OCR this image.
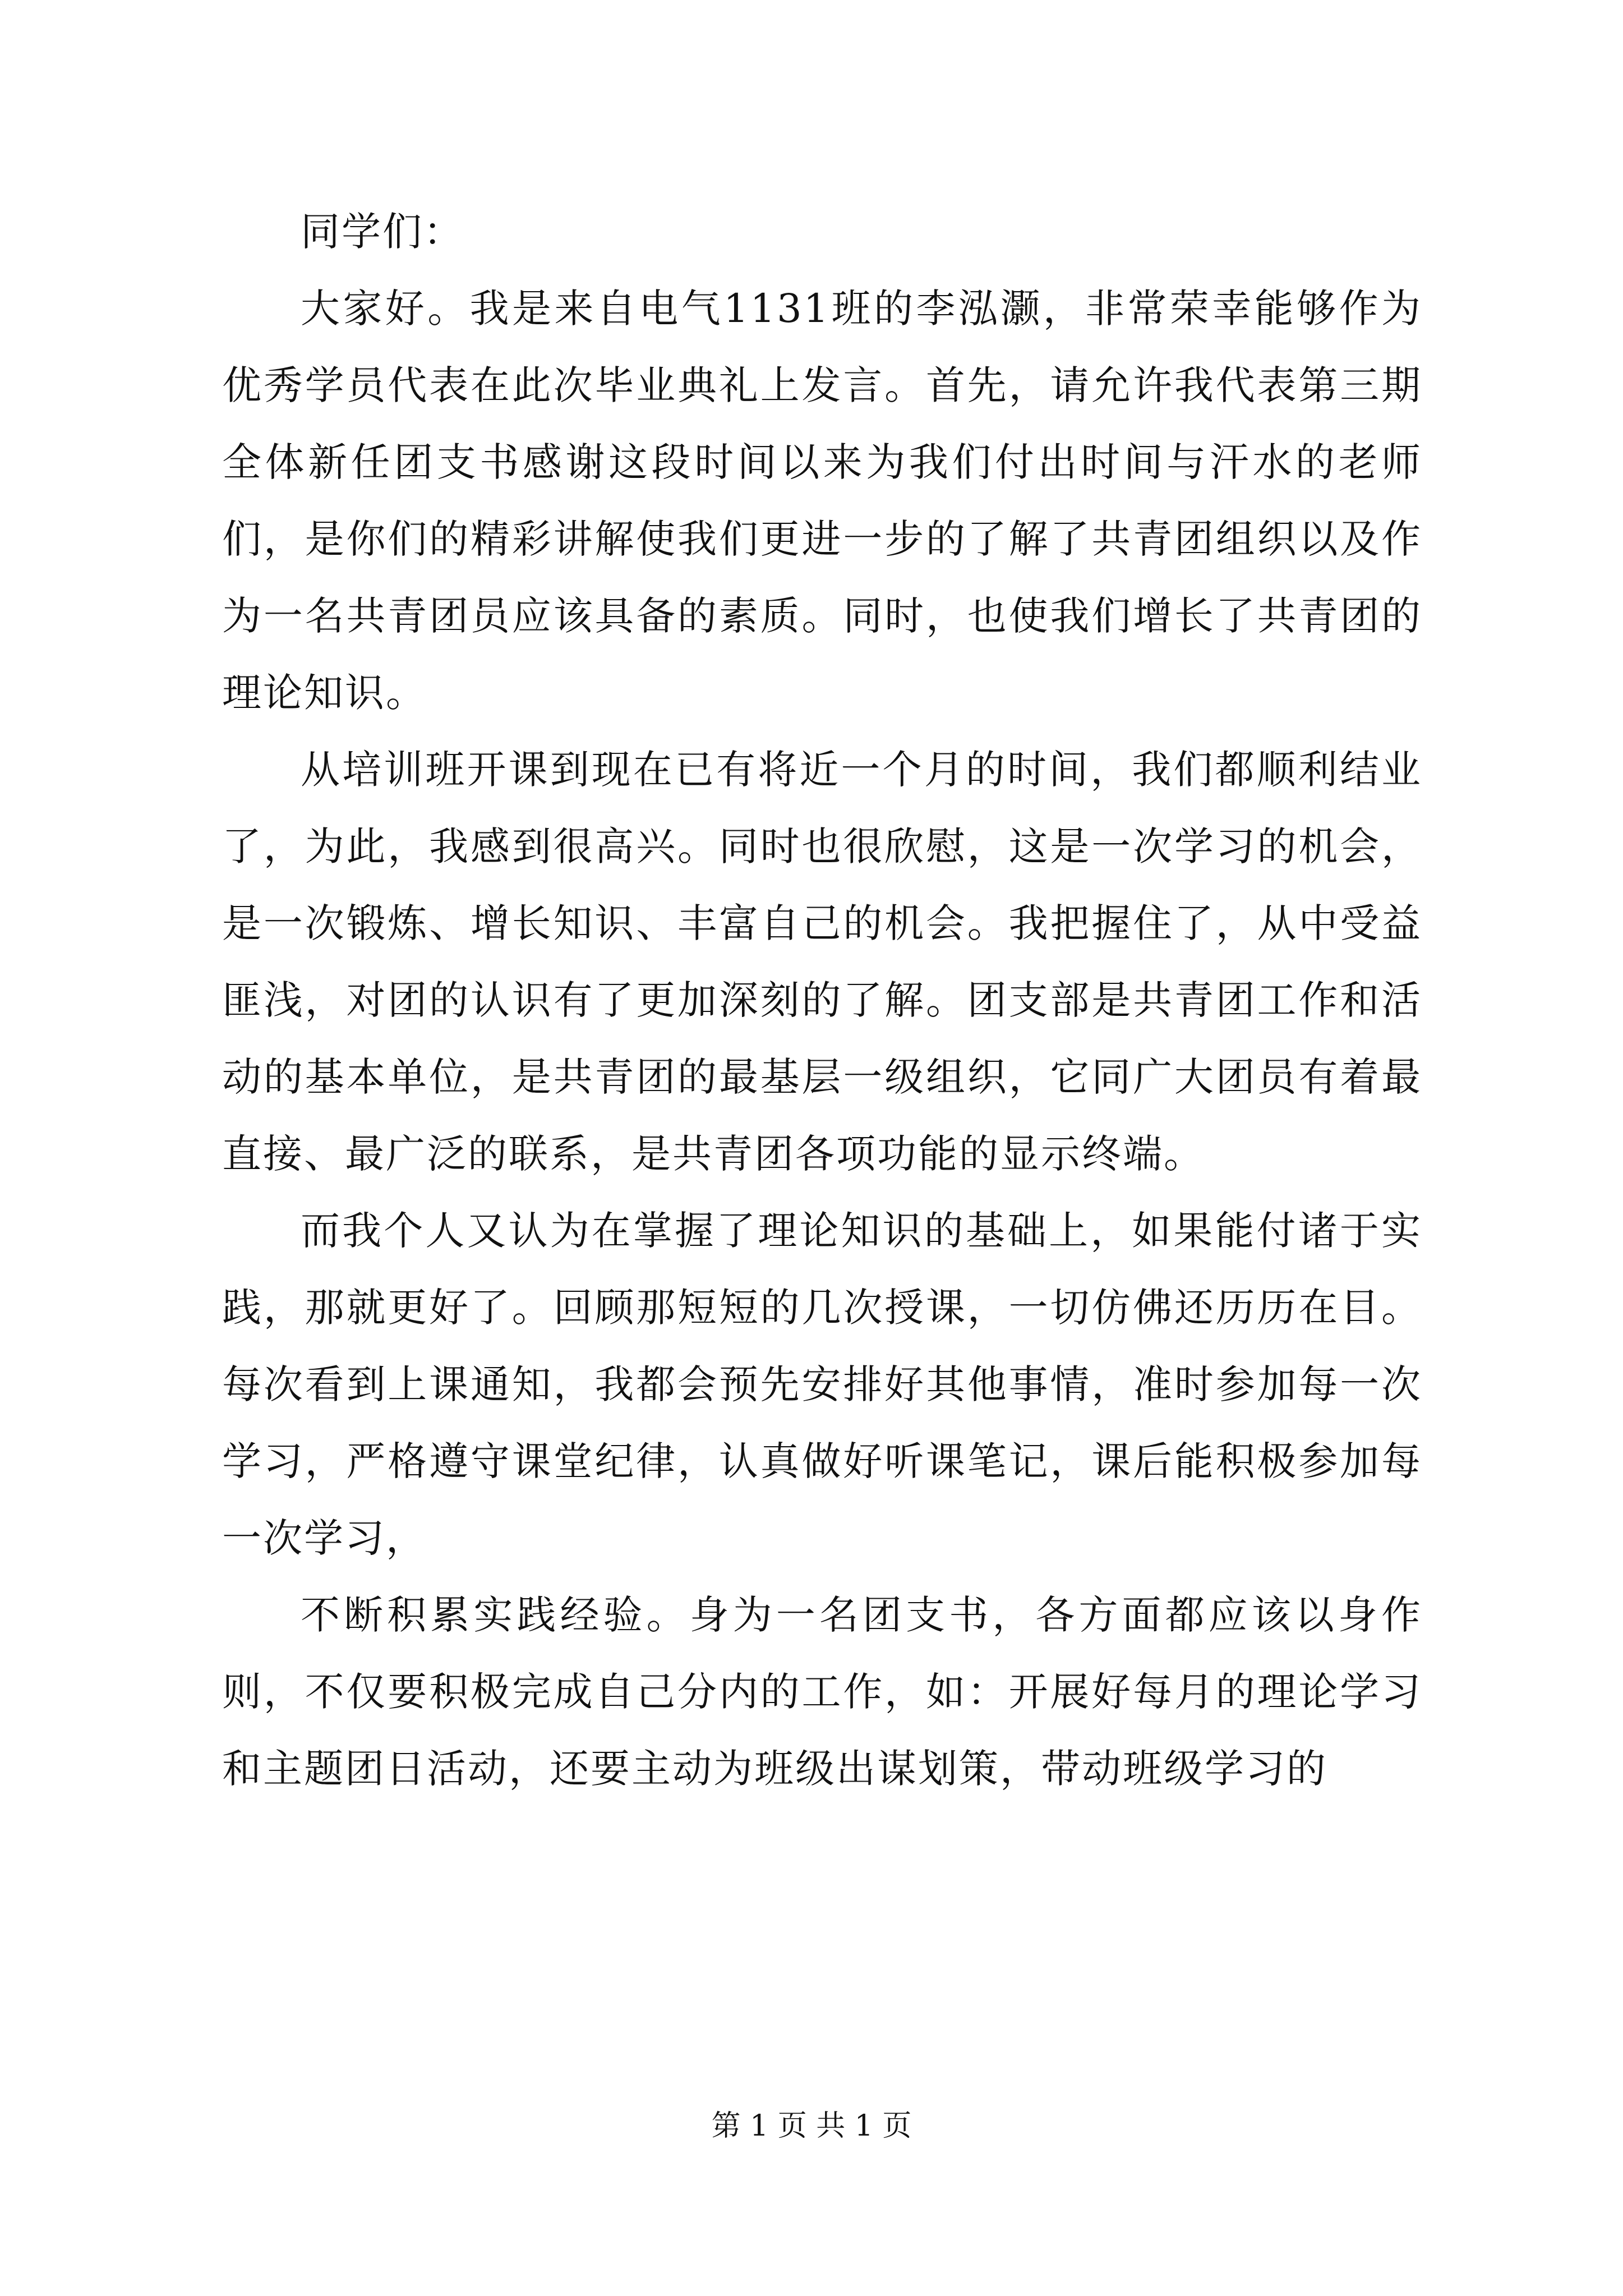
同学们：

大家好。我是来自电气1131班的李泓灏，非常荣幸能够作为优秀学员代表在此次毕业典礼上发言。首先，请允许我代表第三期全体新任团支书感谢这段时间以来为我们付出时间与汗水的老师们，是你们的精彩讲解使我们更进一步的了解了共青团组织以及作为一名共青团员应该具备的素质。同时，也使我们增长了共青团的理论知识。

从培训班开课到现在已有将近一个月的时间，我们都顺利结业了，为此，我感到很高兴。同时也很欣慰，这是一次学习的机会，是一次锻炼、增长知识、丰富自己的机会。我把握住了，从中受益匪浅，对团的认识有了更加深刻的了解。团支部是共青团工作和活动的基本单位，是共青团的最基层一级组织，它同广大团员有着最直接、最广泛的联系，是共青团各项功能的显示终端。

而我个人又认为在掌握了理论知识的基础上，如果能付诸于实践，那就更好了。回顾那短短的几次授课，一切仿佛还历历在目。每次看到上课通知，我都会预先安排好其他事情，准时参加每一次学习，严格遵守课堂纪律，认真做好听课笔记，课后能积极参加每一次学习，

不断积累实践经验。身为一名团支书，各方面都应该以身作则，不仅要积极完成自己分内的工作，如：开展好每月的理论学习和主题团日活动，还要主动为班级出谋划策，带动班级学习的

第 1 页 共 1 页
